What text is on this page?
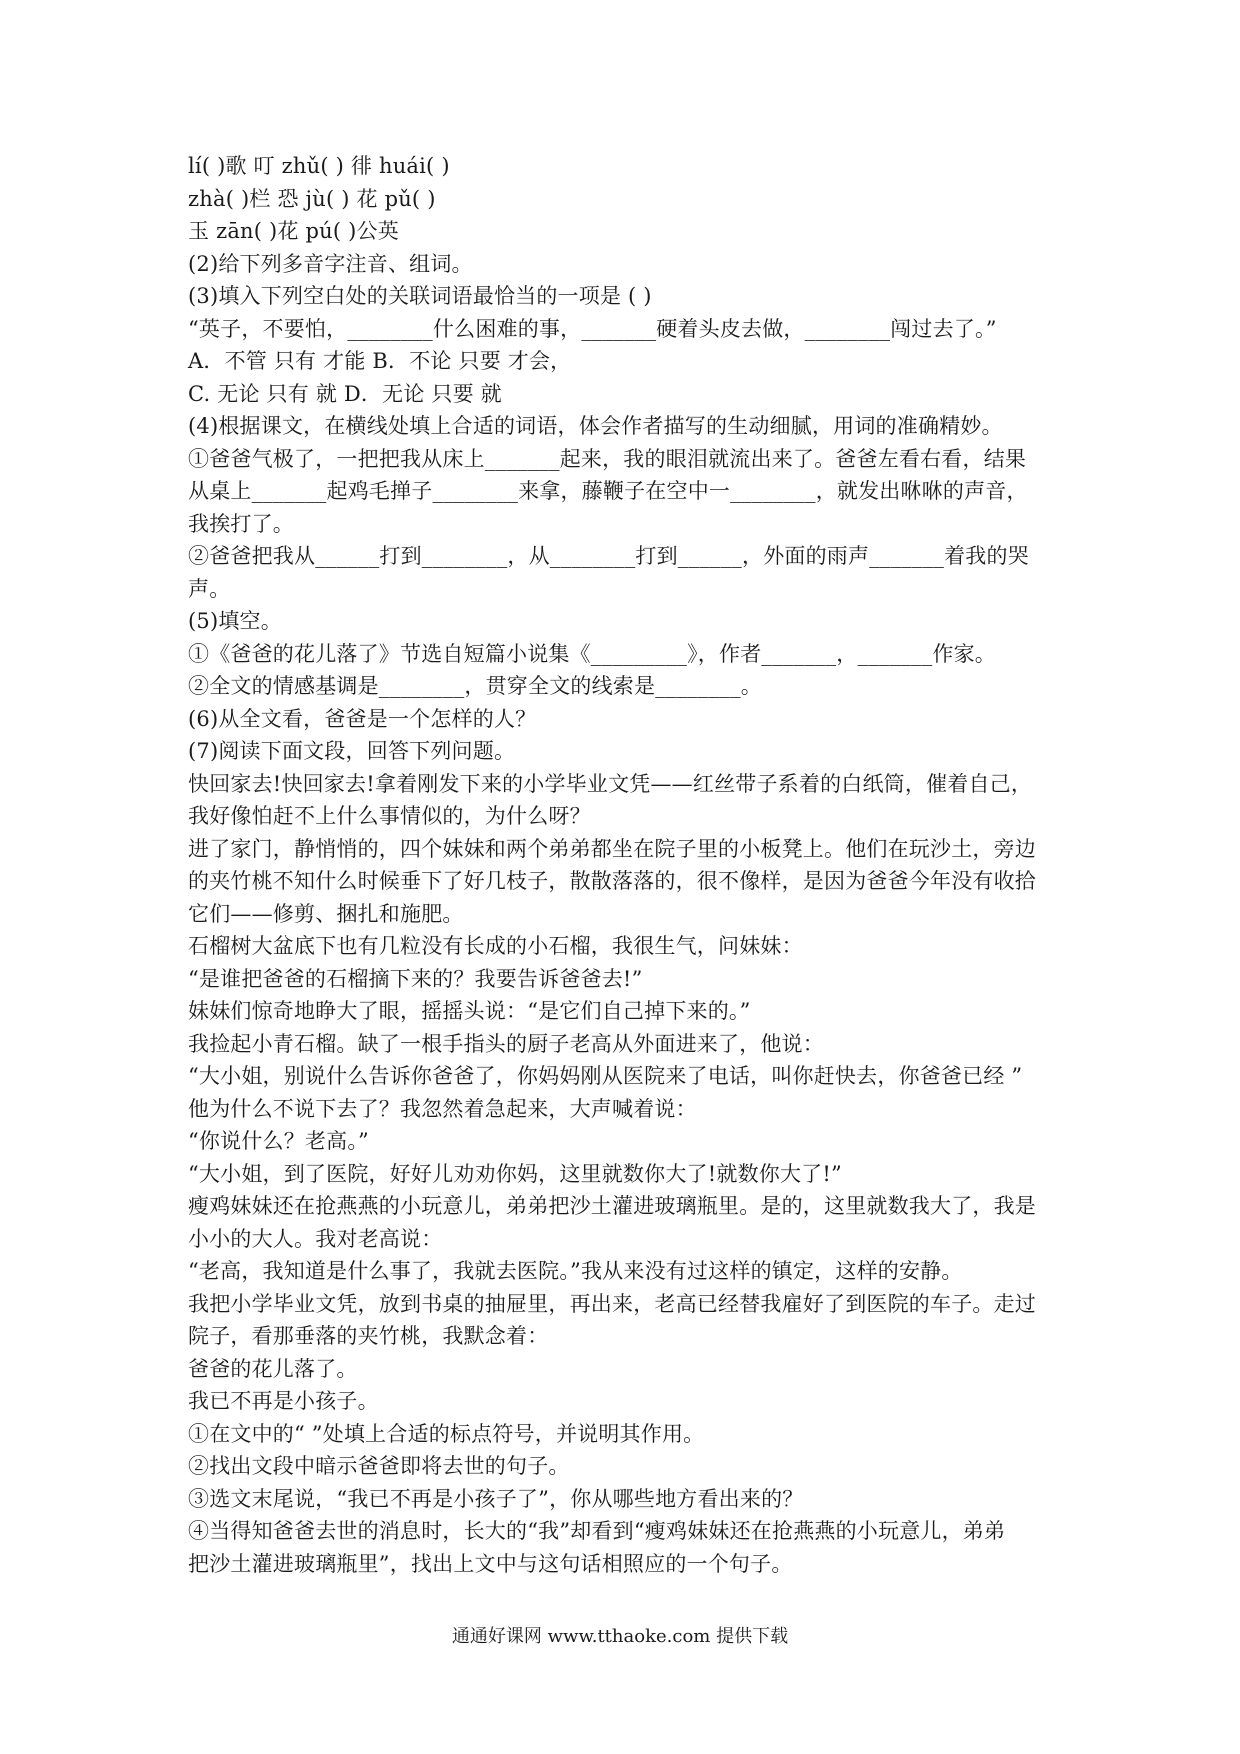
lí( )歌 叮 zhǔ( ) 徘 huái( )
zhà( )栏 恐 jù( ) 花 pǔ( )
玉 zān( )花 pú( )公英
(2)给下列多音字注音、组词。
(3)填入下列空白处的关联词语最恰当的一项是 ( )
“英子，不要怕，________什么困难的事，_______硬着头皮去做，________闯过去了。”
A．不管 只有 才能 B．不论 只要 才会，
C. 无论 只有 就 D．无论 只要 就
(4)根据课文，在横线处填上合适的词语，体会作者描写的生动细腻，用词的准确精妙。
①爸爸气极了，一把把我从床上_______起来，我的眼泪就流出来了。爸爸左看右看，结果
从桌上_______起鸡毛掸子________来拿，藤鞭子在空中一________，就发出咻咻的声音，
我挨打了。
②爸爸把我从______打到________，从________打到______，外面的雨声_______着我的哭
声。
(5)填空。
①《爸爸的花儿落了》节选自短篇小说集《_________》，作者_______，_______作家。
②全文的情感基调是________，贯穿全文的线索是________。
(6)从全文看，爸爸是一个怎样的人？
(7)阅读下面文段，回答下列问题。
快回家去!快回家去!拿着刚发下来的小学毕业文凭——红丝带子系着的白纸筒，催着自己，
我好像怕赶不上什么事情似的，为什么呀？
进了家门，静悄悄的，四个妹妹和两个弟弟都坐在院子里的小板凳上。他们在玩沙土，旁边
的夹竹桃不知什么时候垂下了好几枝子，散散落落的，很不像样，是因为爸爸今年没有收拾
它们——修剪、捆扎和施肥。
石榴树大盆底下也有几粒没有长成的小石榴，我很生气，问妹妹：
“是谁把爸爸的石榴摘下来的？我要告诉爸爸去!”
妹妹们惊奇地睁大了眼，摇摇头说：“是它们自己掉下来的。”
我捡起小青石榴。缺了一根手指头的厨子老高从外面进来了，他说：
“大小姐，别说什么告诉你爸爸了，你妈妈刚从医院来了电话，叫你赶快去，你爸爸已经 ”
他为什么不说下去了？我忽然着急起来，大声喊着说：
“你说什么？老高。”
“大小姐，到了医院，好好儿劝劝你妈，这里就数你大了!就数你大了!”
瘦鸡妹妹还在抢燕燕的小玩意儿，弟弟把沙土灌进玻璃瓶里。是的，这里就数我大了，我是
小小的大人。我对老高说：
“老高，我知道是什么事了，我就去医院。”我从来没有过这样的镇定，这样的安静。
我把小学毕业文凭，放到书桌的抽屉里，再出来，老高已经替我雇好了到医院的车子。走过
院子，看那垂落的夹竹桃，我默念着：
爸爸的花儿落了。
我已不再是小孩子。
①在文中的“ ”处填上合适的标点符号，并说明其作用。
②找出文段中暗示爸爸即将去世的句子。
③选文末尾说，“我已不再是小孩子了”，你从哪些地方看出来的？
④当得知爸爸去世的消息时，长大的“我”却看到“瘦鸡妹妹还在抢燕燕的小玩意儿，弟弟
把沙土灌进玻璃瓶里”，找出上文中与这句话相照应的一个句子。
通通好课网 www.tthaoke.com 提供下载
